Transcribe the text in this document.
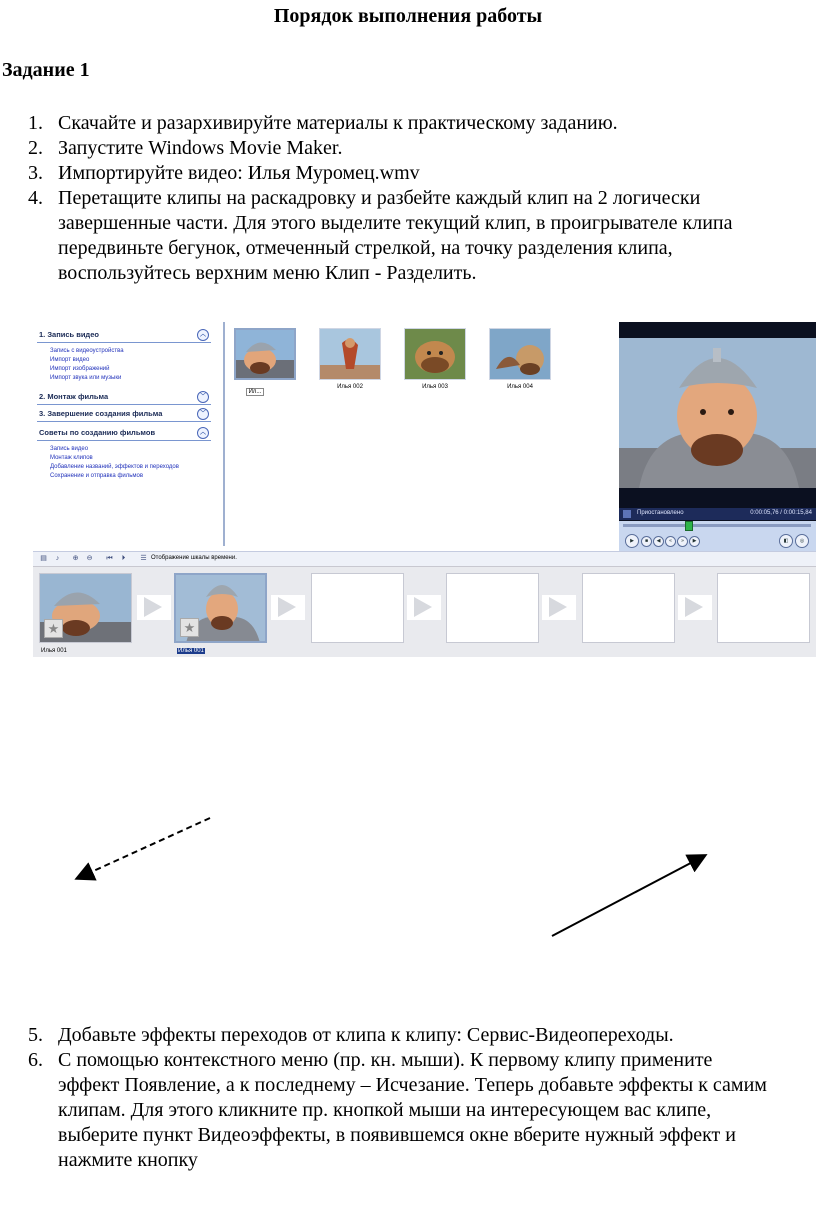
Порядок выполнения работы
Задание 1
1. Скачайте и разархивируйте материалы к практическому заданию.
2. Запустите Windows Movie Maker.
3. Импортируйте видео: Илья Муромец.wmv
4. Перетащите клипы на раскадровку и разбейте каждый клип на 2 логически завершенные части. Для этого выделите текущий клип, в проигрывателе клипа передвиньте бегунок, отмеченный стрелкой, на точку разделения клипа, воспользуйтесь верхним меню Клип - Разделить.
1. Запись видео	︿
Запись с видеоустройства
Импорт видео
Импорт изображений
Импорт звука или музыки
2. Монтаж фильма	﹀
3. Завершение создания фильма	﹀
Советы по созданию фильмов	︿
Запись видео
Монтаж клипов
Добавление названий, эффектов и переходов
Сохранение и отправка фильмов
Ил...
Илья 002	Илья 003	Илья 004
Приостановлено	0:00:05,76 / 0:00:15,84
▶	■	◀	«	»	▶	◧	◎
▤	♪	⊕ ⊖ ⏮	⏵	☰ Отображение шкалы времени.
★	★
Илья 001	Илья 001
5. Добавьте эффекты переходов от клипа к клипу: Сервис-Видеопереходы.
6. С помощью контекстного меню (пр. кн. мыши). К первому клипу примените эффект Появление, а к последнему – Исчезание. Теперь добавьте эффекты к самим клипам. Для этого кликните пр. кнопкой мыши на интересующем вас клипе, выберите пункт Видеоэффекты, в появившемся окне вберите нужный эффект и нажмите кнопку
